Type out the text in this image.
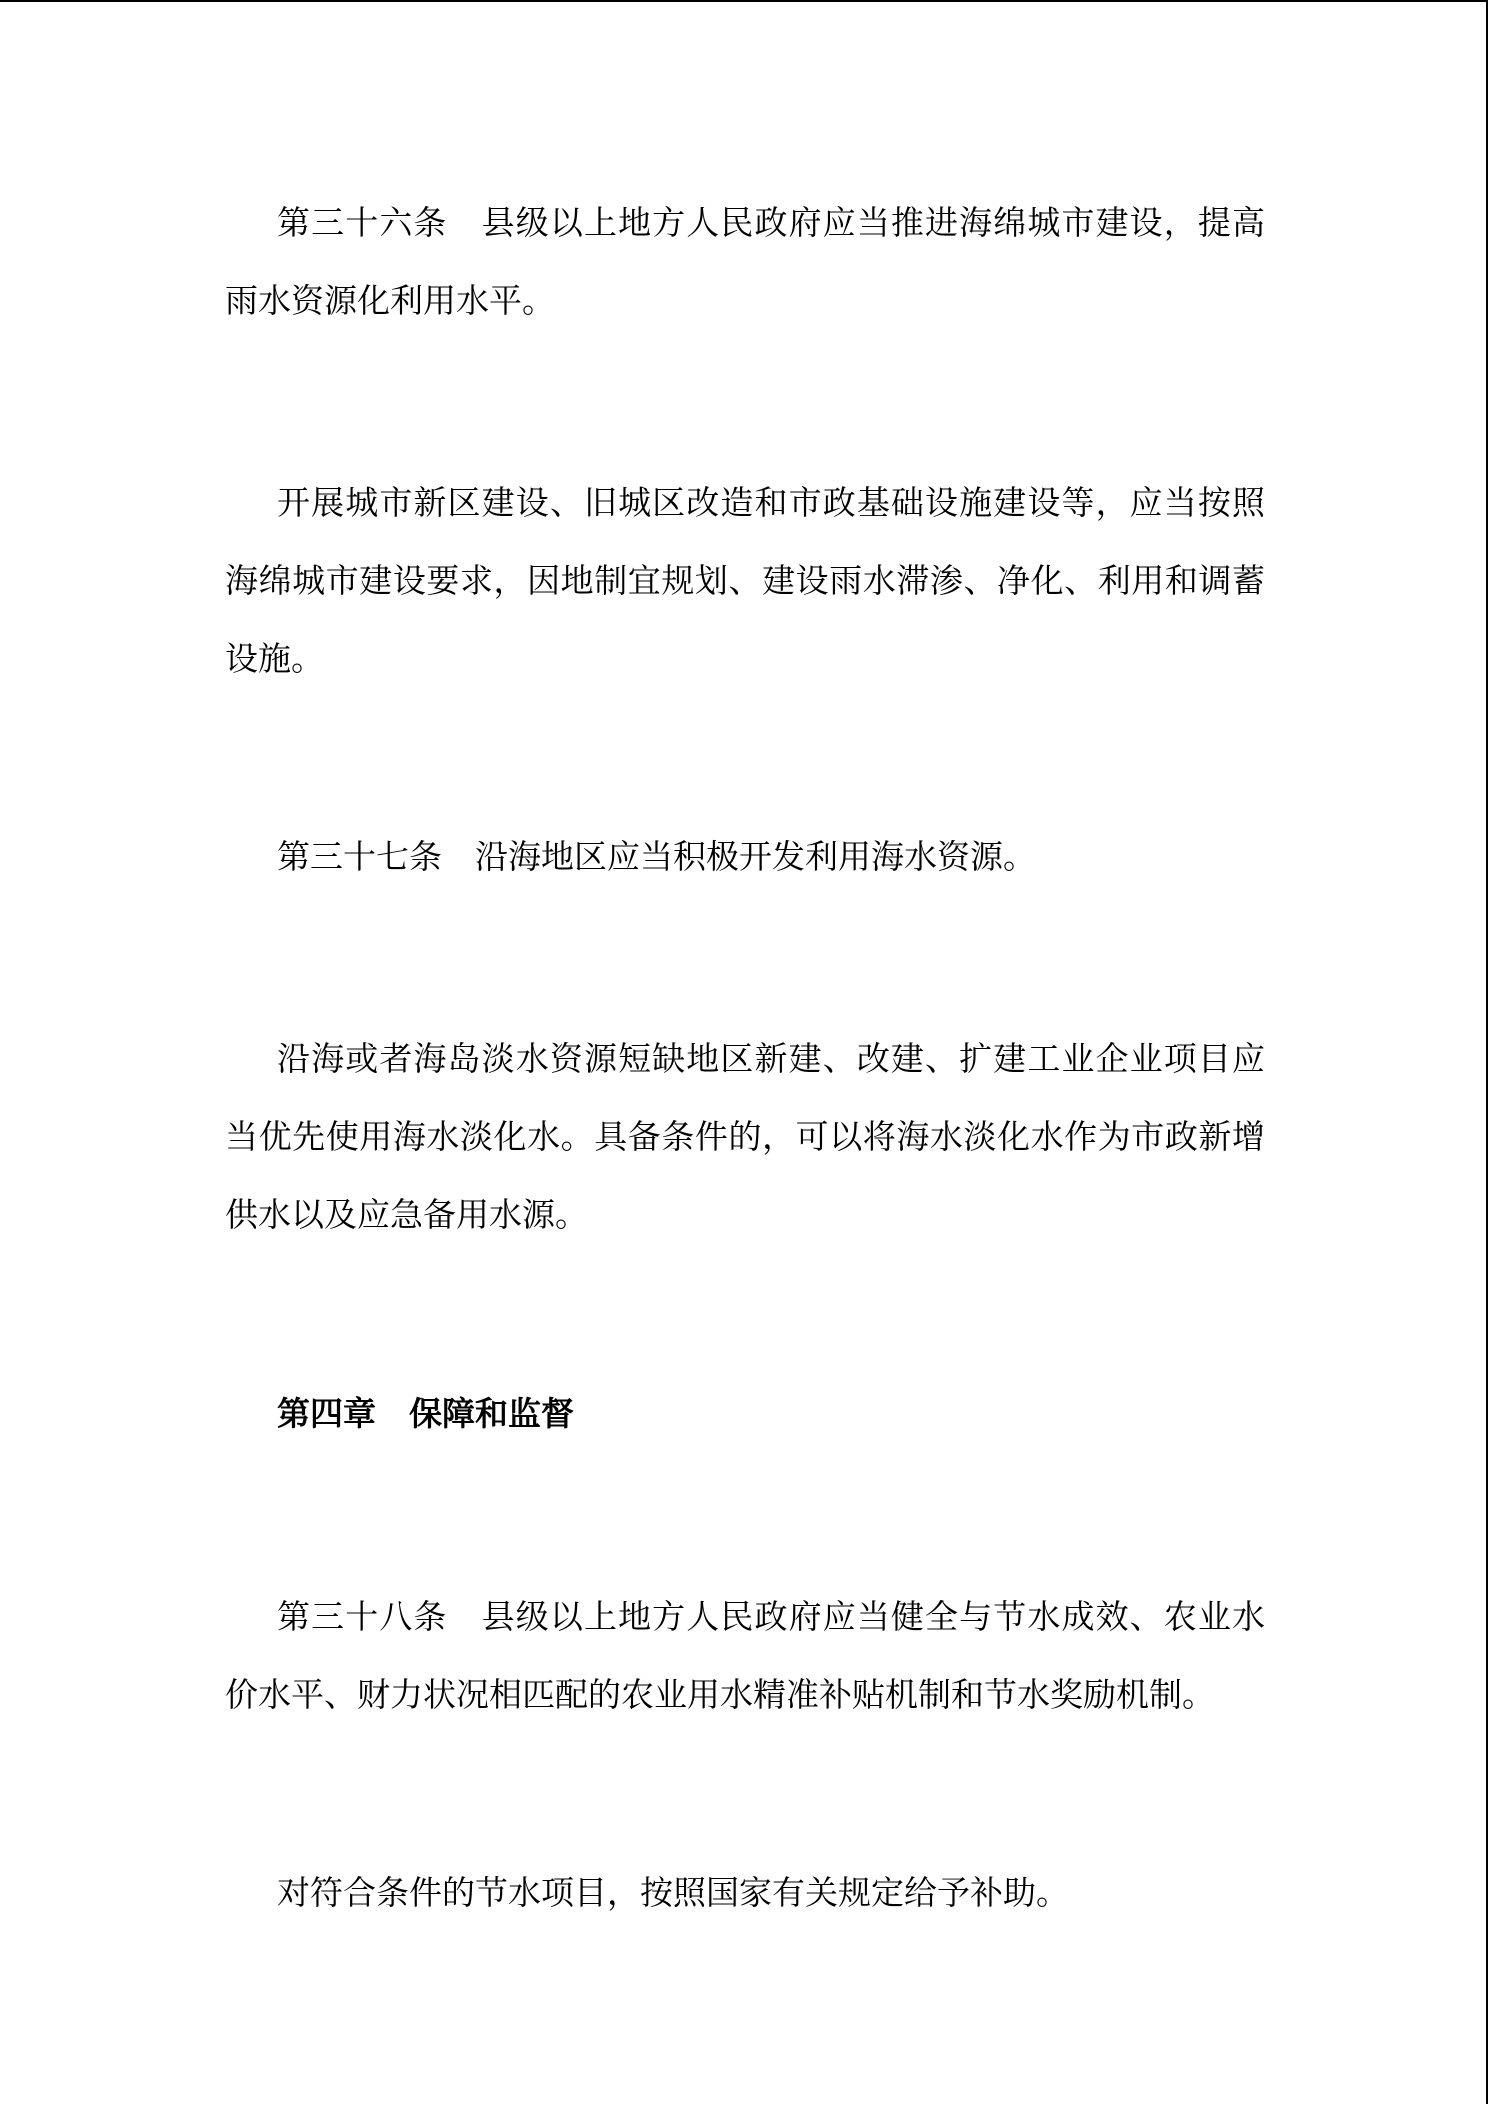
第三十六条　县级以上地方人民政府应当推进海绵城市建设，提高雨水资源化利用水平。

开展城市新区建设、旧城区改造和市政基础设施建设等，应当按照海绵城市建设要求，因地制宜规划、建设雨水滞渗、净化、利用和调蓄设施。

第三十七条　沿海地区应当积极开发利用海水资源。

沿海或者海岛淡水资源短缺地区新建、改建、扩建工业企业项目应当优先使用海水淡化水。具备条件的，可以将海水淡化水作为市政新增供水以及应急备用水源。

第四章　保障和监督

第三十八条　县级以上地方人民政府应当健全与节水成效、农业水价水平、财力状况相匹配的农业用水精准补贴机制和节水奖励机制。

对符合条件的节水项目，按照国家有关规定给予补助。
